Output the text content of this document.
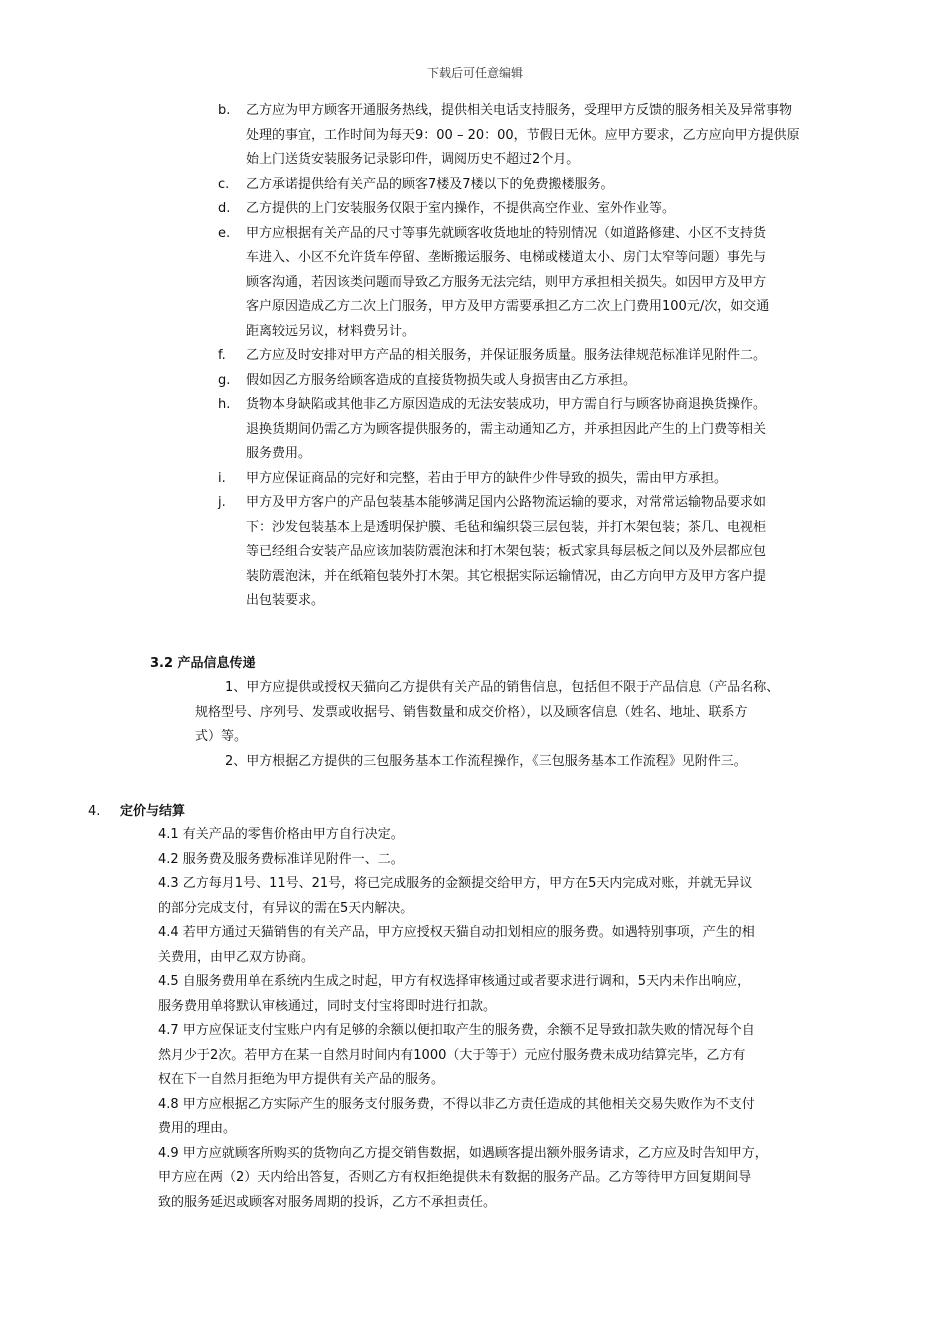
下载后可任意编辑
b. 乙方应为甲方顾客开通服务热线，提供相关电话支持服务，受理甲方反馈的服务相关及异常事物
处理的事宜，工作时间为每天9：00 – 20：00，节假日无休。应甲方要求，乙方应向甲方提供原
始上门送货安装服务记录影印件，调阅历史不超过2个月。
c. 乙方承诺提供给有关产品的顾客7楼及7楼以下的免费搬楼服务。
d. 乙方提供的上门安装服务仅限于室内操作，不提供高空作业、室外作业等。
e. 甲方应根据有关产品的尺寸等事先就顾客收货地址的特别情况（如道路修建、小区不支持货
车进入、小区不允许货车停留、垄断搬运服务、电梯或楼道太小、房门太窄等问题）事先与
顾客沟通，若因该类问题而导致乙方服务无法完结，则甲方承担相关损失。如因甲方及甲方
客户原因造成乙方二次上门服务，甲方及甲方需要承担乙方二次上门费用100元/次，如交通
距离较远另议，材料费另计。
f. 乙方应及时安排对甲方产品的相关服务，并保证服务质量。服务法律规范标准详见附件二。
g. 假如因乙方服务给顾客造成的直接货物损失或人身损害由乙方承担。
h. 货物本身缺陷或其他非乙方原因造成的无法安装成功，甲方需自行与顾客协商退换货操作。
退换货期间仍需乙方为顾客提供服务的，需主动通知乙方，并承担因此产生的上门费等相关
服务费用。
i. 甲方应保证商品的完好和完整，若由于甲方的缺件少件导致的损失，需由甲方承担。
j. 甲方及甲方客户的产品包装基本能够满足国内公路物流运输的要求，对常常运输物品要求如
下：沙发包装基本上是透明保护膜、毛毡和编织袋三层包装，并打木架包装；茶几、电视柜
等已经组合安装产品应该加装防震泡沫和打木架包装；板式家具每层板之间以及外层都应包
装防震泡沫，并在纸箱包装外打木架。其它根据实际运输情况，由乙方向甲方及甲方客户提
出包装要求。
3.2 产品信息传递
1、甲方应提供或授权天猫向乙方提供有关产品的销售信息，包括但不限于产品信息（产品名称、
规格型号、序列号、发票或收据号、销售数量和成交价格），以及顾客信息（姓名、地址、联系方
式）等。
2、甲方根据乙方提供的三包服务基本工作流程操作，《三包服务基本工作流程》见附件三。
4. 定价与结算
4.1 有关产品的零售价格由甲方自行决定。
4.2 服务费及服务费标准详见附件一、二。
4.3 乙方每月1号、11号、21号，将已完成服务的金额提交给甲方，甲方在5天内完成对账，并就无异议
的部分完成支付，有异议的需在5天内解决。
4.4 若甲方通过天猫销售的有关产品，甲方应授权天猫自动扣划相应的服务费。如遇特别事项，产生的相
关费用，由甲乙双方协商。
4.5 自服务费用单在系统内生成之时起，甲方有权选择审核通过或者要求进行调和，5天内未作出响应，
服务费用单将默认审核通过，同时支付宝将即时进行扣款。
4.7 甲方应保证支付宝账户内有足够的余额以便扣取产生的服务费，余额不足导致扣款失败的情况每个自
然月少于2次。若甲方在某一自然月时间内有1000（大于等于）元应付服务费未成功结算完毕，乙方有
权在下一自然月拒绝为甲方提供有关产品的服务。
4.8 甲方应根据乙方实际产生的服务支付服务费，不得以非乙方责任造成的其他相关交易失败作为不支付
费用的理由。
4.9 甲方应就顾客所购买的货物向乙方提交销售数据，如遇顾客提出额外服务请求，乙方应及时告知甲方，
甲方应在两（2）天内给出答复，否则乙方有权拒绝提供未有数据的服务产品。乙方等待甲方回复期间导
致的服务延迟或顾客对服务周期的投诉，乙方不承担责任。
